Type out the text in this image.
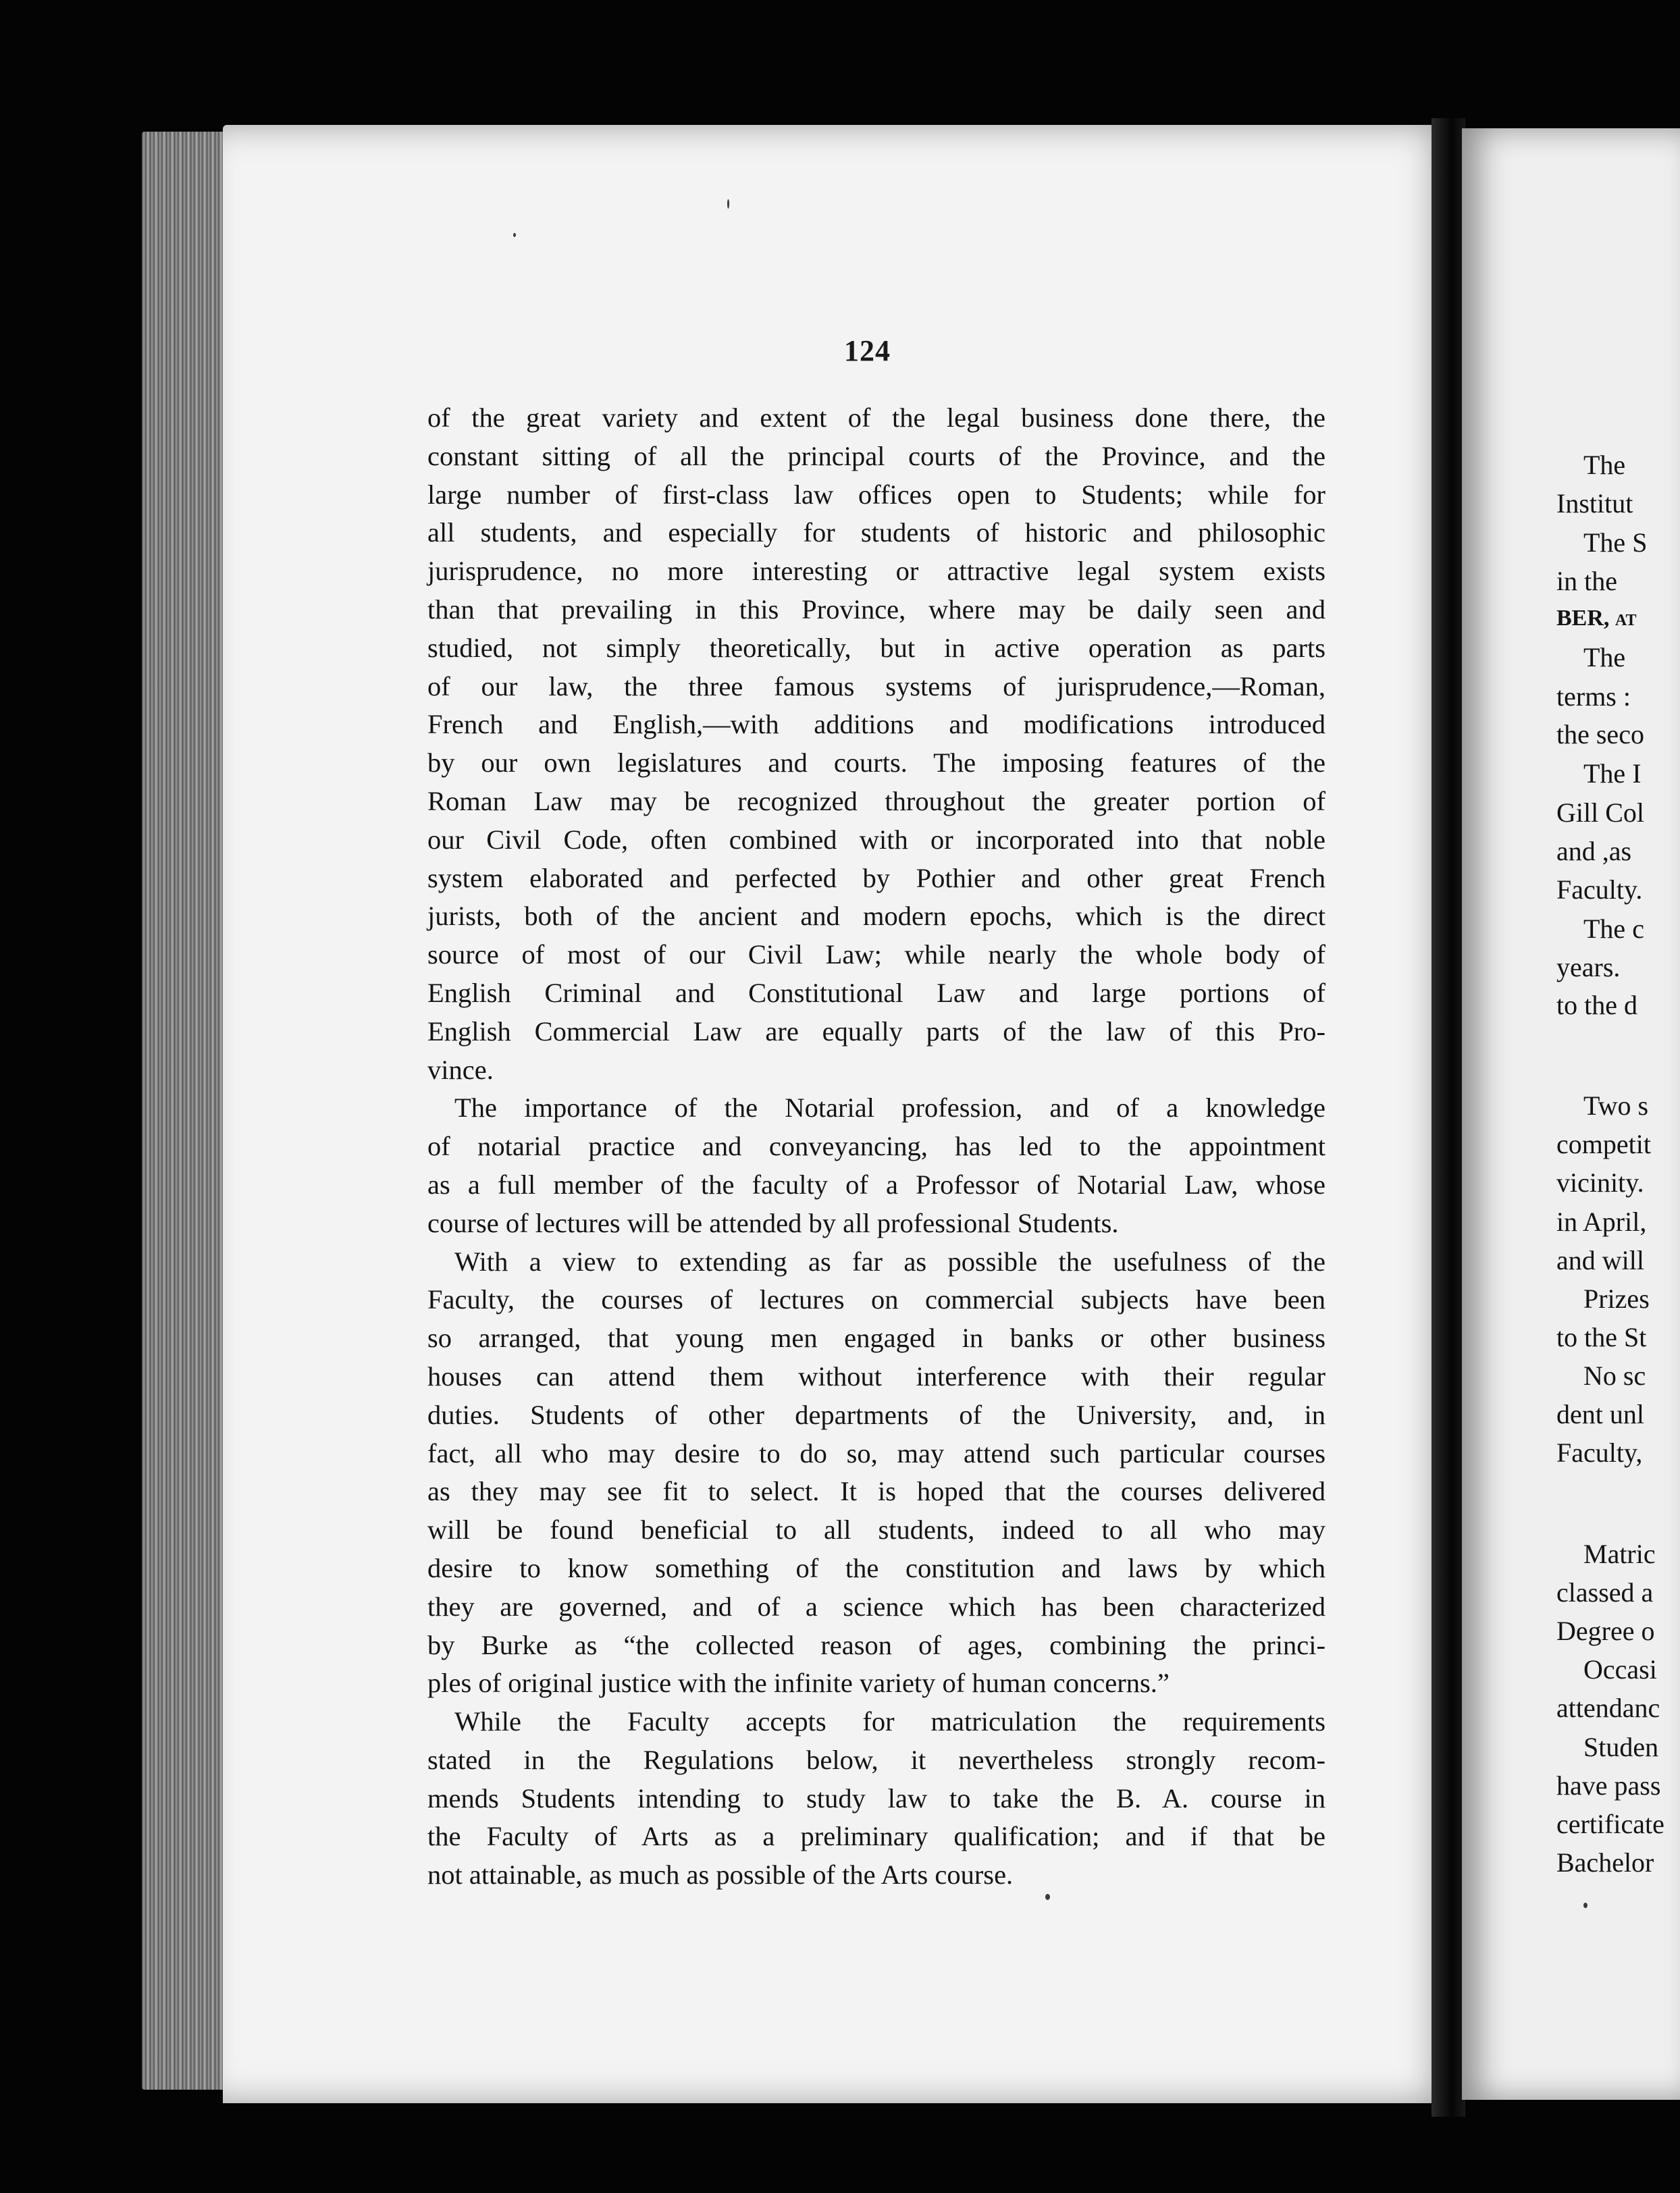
124
of the great variety and extent of the legal business done there, the
constant sitting of all the principal courts of the Province, and the
large number of first-class law offices open to Students; while for
all students, and especially for students of historic and philosophic
jurisprudence, no more interesting or attractive legal system exists
than that prevailing in this Province, where may be daily seen and
studied, not simply theoretically, but in active operation as parts
of our law, the three famous systems of jurisprudence,—Roman,
French and English,—with additions and modifications introduced
by our own legislatures and courts. The imposing features of the
Roman Law may be recognized throughout the greater portion of
our Civil Code, often combined with or incorporated into that noble
system elaborated and perfected by Pothier and other great French
jurists, both of the ancient and modern epochs, which is the direct
source of most of our Civil Law; while nearly the whole body of
English Criminal and Constitutional Law and large portions of
English Commercial Law are equally parts of the law of this Pro-
vince.
The importance of the Notarial profession, and of a knowledge
of notarial practice and conveyancing, has led to the appointment
as a full member of the faculty of a Professor of Notarial Law, whose
course of lectures will be attended by all professional Students.
With a view to extending as far as possible the usefulness of the
Faculty, the courses of lectures on commercial subjects have been
so arranged, that young men engaged in banks or other business
houses can attend them without interference with their regular
duties. Students of other departments of the University, and, in
fact, all who may desire to do so, may attend such particular courses
as they may see fit to select. It is hoped that the courses delivered
will be found beneficial to all students, indeed to all who may
desire to know something of the constitution and laws by which
they are governed, and of a science which has been characterized
by Burke as “the collected reason of ages, combining the princi-
ples of original justice with the infinite variety of human concerns.”
While the Faculty accepts for matriculation the requirements
stated in the Regulations below, it nevertheless strongly recom-
mends Students intending to study law to take the B. A. course in
the Faculty of Arts as a preliminary qualification; and if that be
not attainable, as much as possible of the Arts course.
The
Institut
The S
in the
BER, at
The
terms :
the seco
The I
Gill Col
and ,as
Faculty.
The c
years.
to the d
Two s
competit
vicinity.
in April,
and will
Prizes
to the St
No sc
dent unl
Faculty,
Matric
classed a
Degree o
Occasi
attendanc
Studen
have pass
certificate
Bachelor
